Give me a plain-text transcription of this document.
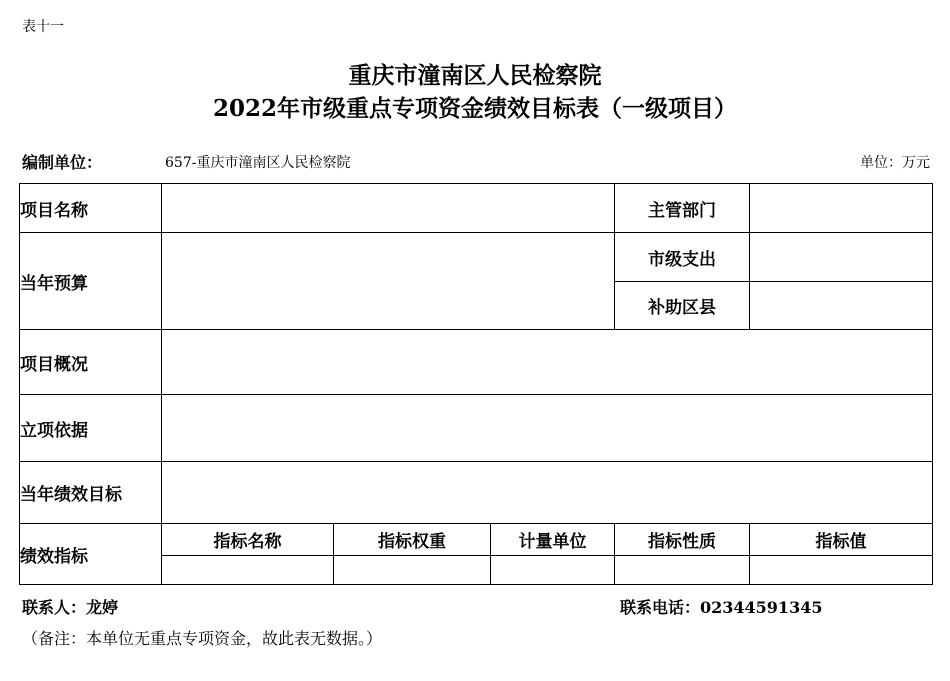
表十一
重庆市潼南区人民检察院
2022年市级重点专项资金绩效目标表（一级项目）
编制单位：	657-重庆市潼南区人民检察院	单位：万元
项目名称				主管部门	
当年预算				市级支出	
				补助区县	
项目概况					
立项依据					
当年绩效目标					
绩效指标	指标名称	指标权重	计量单位	指标性质	指标值

联系人：龙婷	联系电话：02344591345
（备注：本单位无重点专项资金，故此表无数据。）
